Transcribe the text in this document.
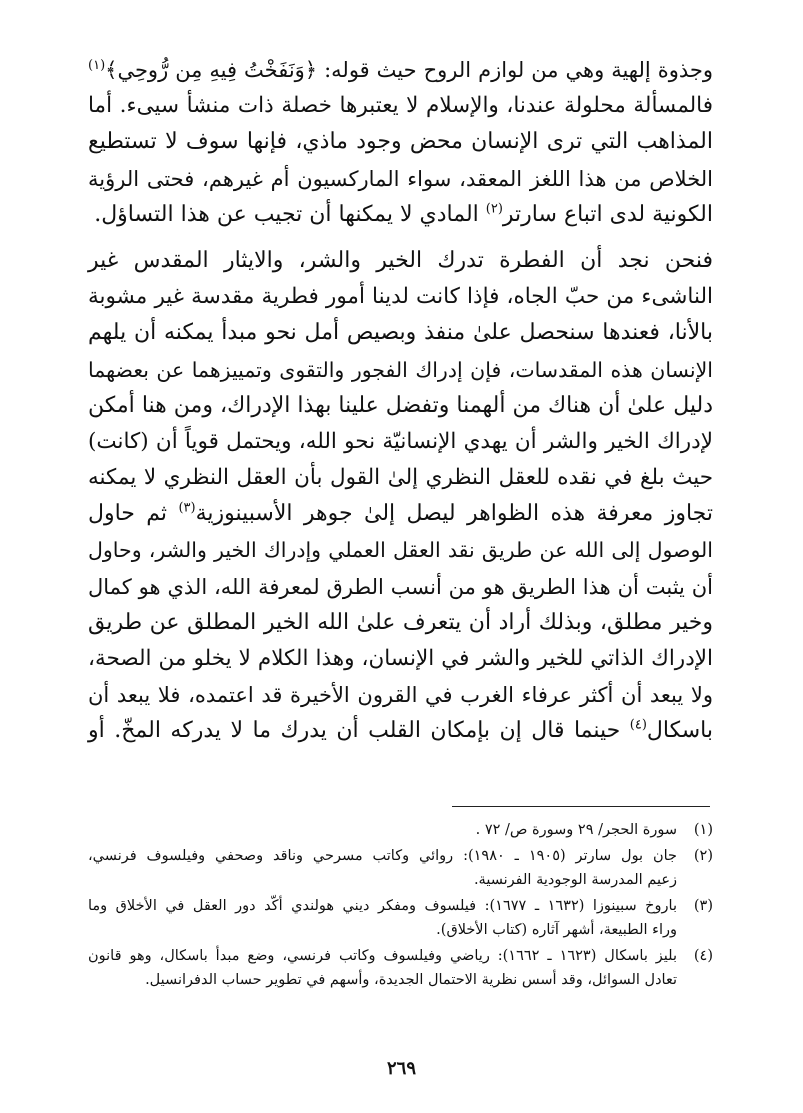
وجذوة إلهية وهي من لوازم الروح حيث قوله: ﴿وَنَفَخْتُ فِيهِ مِن رُّوحِي﴾$^{(١)}$
فالمسألة محلولة عندنا، والإسلام لا يعتبرها خصلة ذات منشأ سيىء. أما
المذاهب التي ترى الإنسان محض وجود ماذي، فإنها سوف لا تستطيع
الخلاص من هذا اللغز المعقد، سواء الماركسيون أم غيرهم، فحتى الرؤية
الكونية لدى اتباع سارتر$^{(٢)}$ المادي لا يمكنها أن تجيب عن هذا التساؤل.
فنحن نجد أن الفطرة تدرك الخير والشر، والايثار المقدس غير
الناشىء من حبّ الجاه، فإذا كانت لدينا أمور فطرية مقدسة غير مشوبة
بالأنا، فعندها سنحصل علىٰ منفذ وبصيص أمل نحو مبدأ يمكنه أن يلهم
الإنسان هذه المقدسات، فإن إدراك الفجور والتقوى وتمييزهما عن بعضهما
دليل علىٰ أن هناك من ألهمنا وتفضل علينا بهذا الإدراك، ومن هنا أمكن
لإدراك الخير والشر أن يهدي الإنسانيّة نحو الله، ويحتمل قوياً أن (كانت)
حيث بلغ في نقده للعقل النظري إلىٰ القول بأن العقل النظري لا يمكنه
تجاوز معرفة هذه الظواهر ليصل إلىٰ جوهر الأسبينوزية$^{(٣)}$ ثم حاول
الوصول إلى الله عن طريق نقد العقل العملي وإدراك الخير والشر، وحاول
أن يثبت أن هذا الطريق هو من أنسب الطرق لمعرفة الله، الذي هو كمال
وخير مطلق، وبذلك أراد أن يتعرف علىٰ الله الخير المطلق عن طريق
الإدراك الذاتي للخير والشر في الإنسان، وهذا الكلام لا يخلو من الصحة،
ولا يبعد أن أكثر عرفاء الغرب في القرون الأخيرة قد اعتمده، فلا يبعد أن
باسكال$^{(٤)}$ حينما قال إن بإمكان القلب أن يدرك ما لا يدركه المخّ. أو
(١)
سورة الحجر/ ٢٩ وسورة ص/ ٧٢ .
(٢)
جان بول سارتر (١٩٠٥ ـ ١٩٨٠): روائي وكاتب مسرحي وناقد وصحفي وفيلسوف فرنسي،
زعيم المدرسة الوجودية الفرنسية.
(٣)
باروخ سبينوزا (١٦٣٢ ـ ١٦٧٧): فيلسوف ومفكر ديني هولندي أكّد دور العقل في الأخلاق وما
وراء الطبيعة، أشهر آثاره (كتاب الأخلاق).
(٤)
بليز باسكال (١٦٢٣ ـ ١٦٦٢): رياضي وفيلسوف وكاتب فرنسي، وضع مبدأ باسكال، وهو قانون
تعادل السوائل، وقد أسس نظرية الاحتمال الجديدة، وأسهم في تطوير حساب الدفرانسيل.
٢٦٩
